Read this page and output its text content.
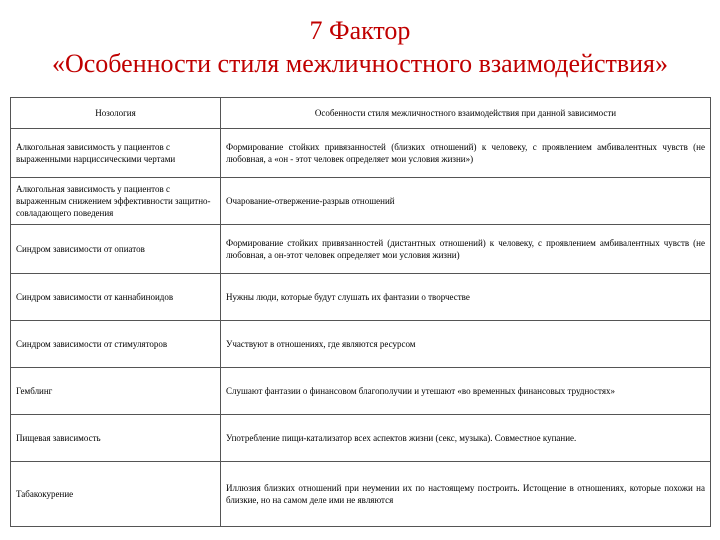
7 Фактор
«Особенности стиля межличностного взаимодействия»
Нозология	Особенности стиля межличностного взаимодействия при данной зависимости
Алкогольная зависимость у пациентов с выраженными нарциссическими чертами	Формирование стойких привязанностей (близких отношений) к человеку, с проявлением амбивалентных чувств (не любовная, а «он - этот человек определяет мои условия жизни»)
Алкогольная зависимость у пациентов с выраженным снижением эффективности защитно-совладающего поведения	Очарование-отвержение-разрыв отношений
Синдром зависимости от опиатов	Формирование стойких привязанностей (дистантных отношений) к человеку, с проявлением амбивалентных чувств (не любовная, а он-этот человек определяет мои условия жизни)
Синдром зависимости от каннабиноидов	Нужны люди, которые будут слушать их фантазии о творчестве
Синдром зависимости от стимуляторов	Участвуют в отношениях, где являются ресурсом
Гемблинг	Слушают фантазии о финансовом благополучии и утешают «во временных финансовых трудностях»
Пищевая зависимость	Употребление пищи-катализатор всех аспектов жизни (секс, музыка). Совместное купание.
Табакокурение	Иллюзия близких отношений при неумении их по настоящему построить. Истощение в отношениях, которые похожи на близкие, но на самом деле ими не являются
